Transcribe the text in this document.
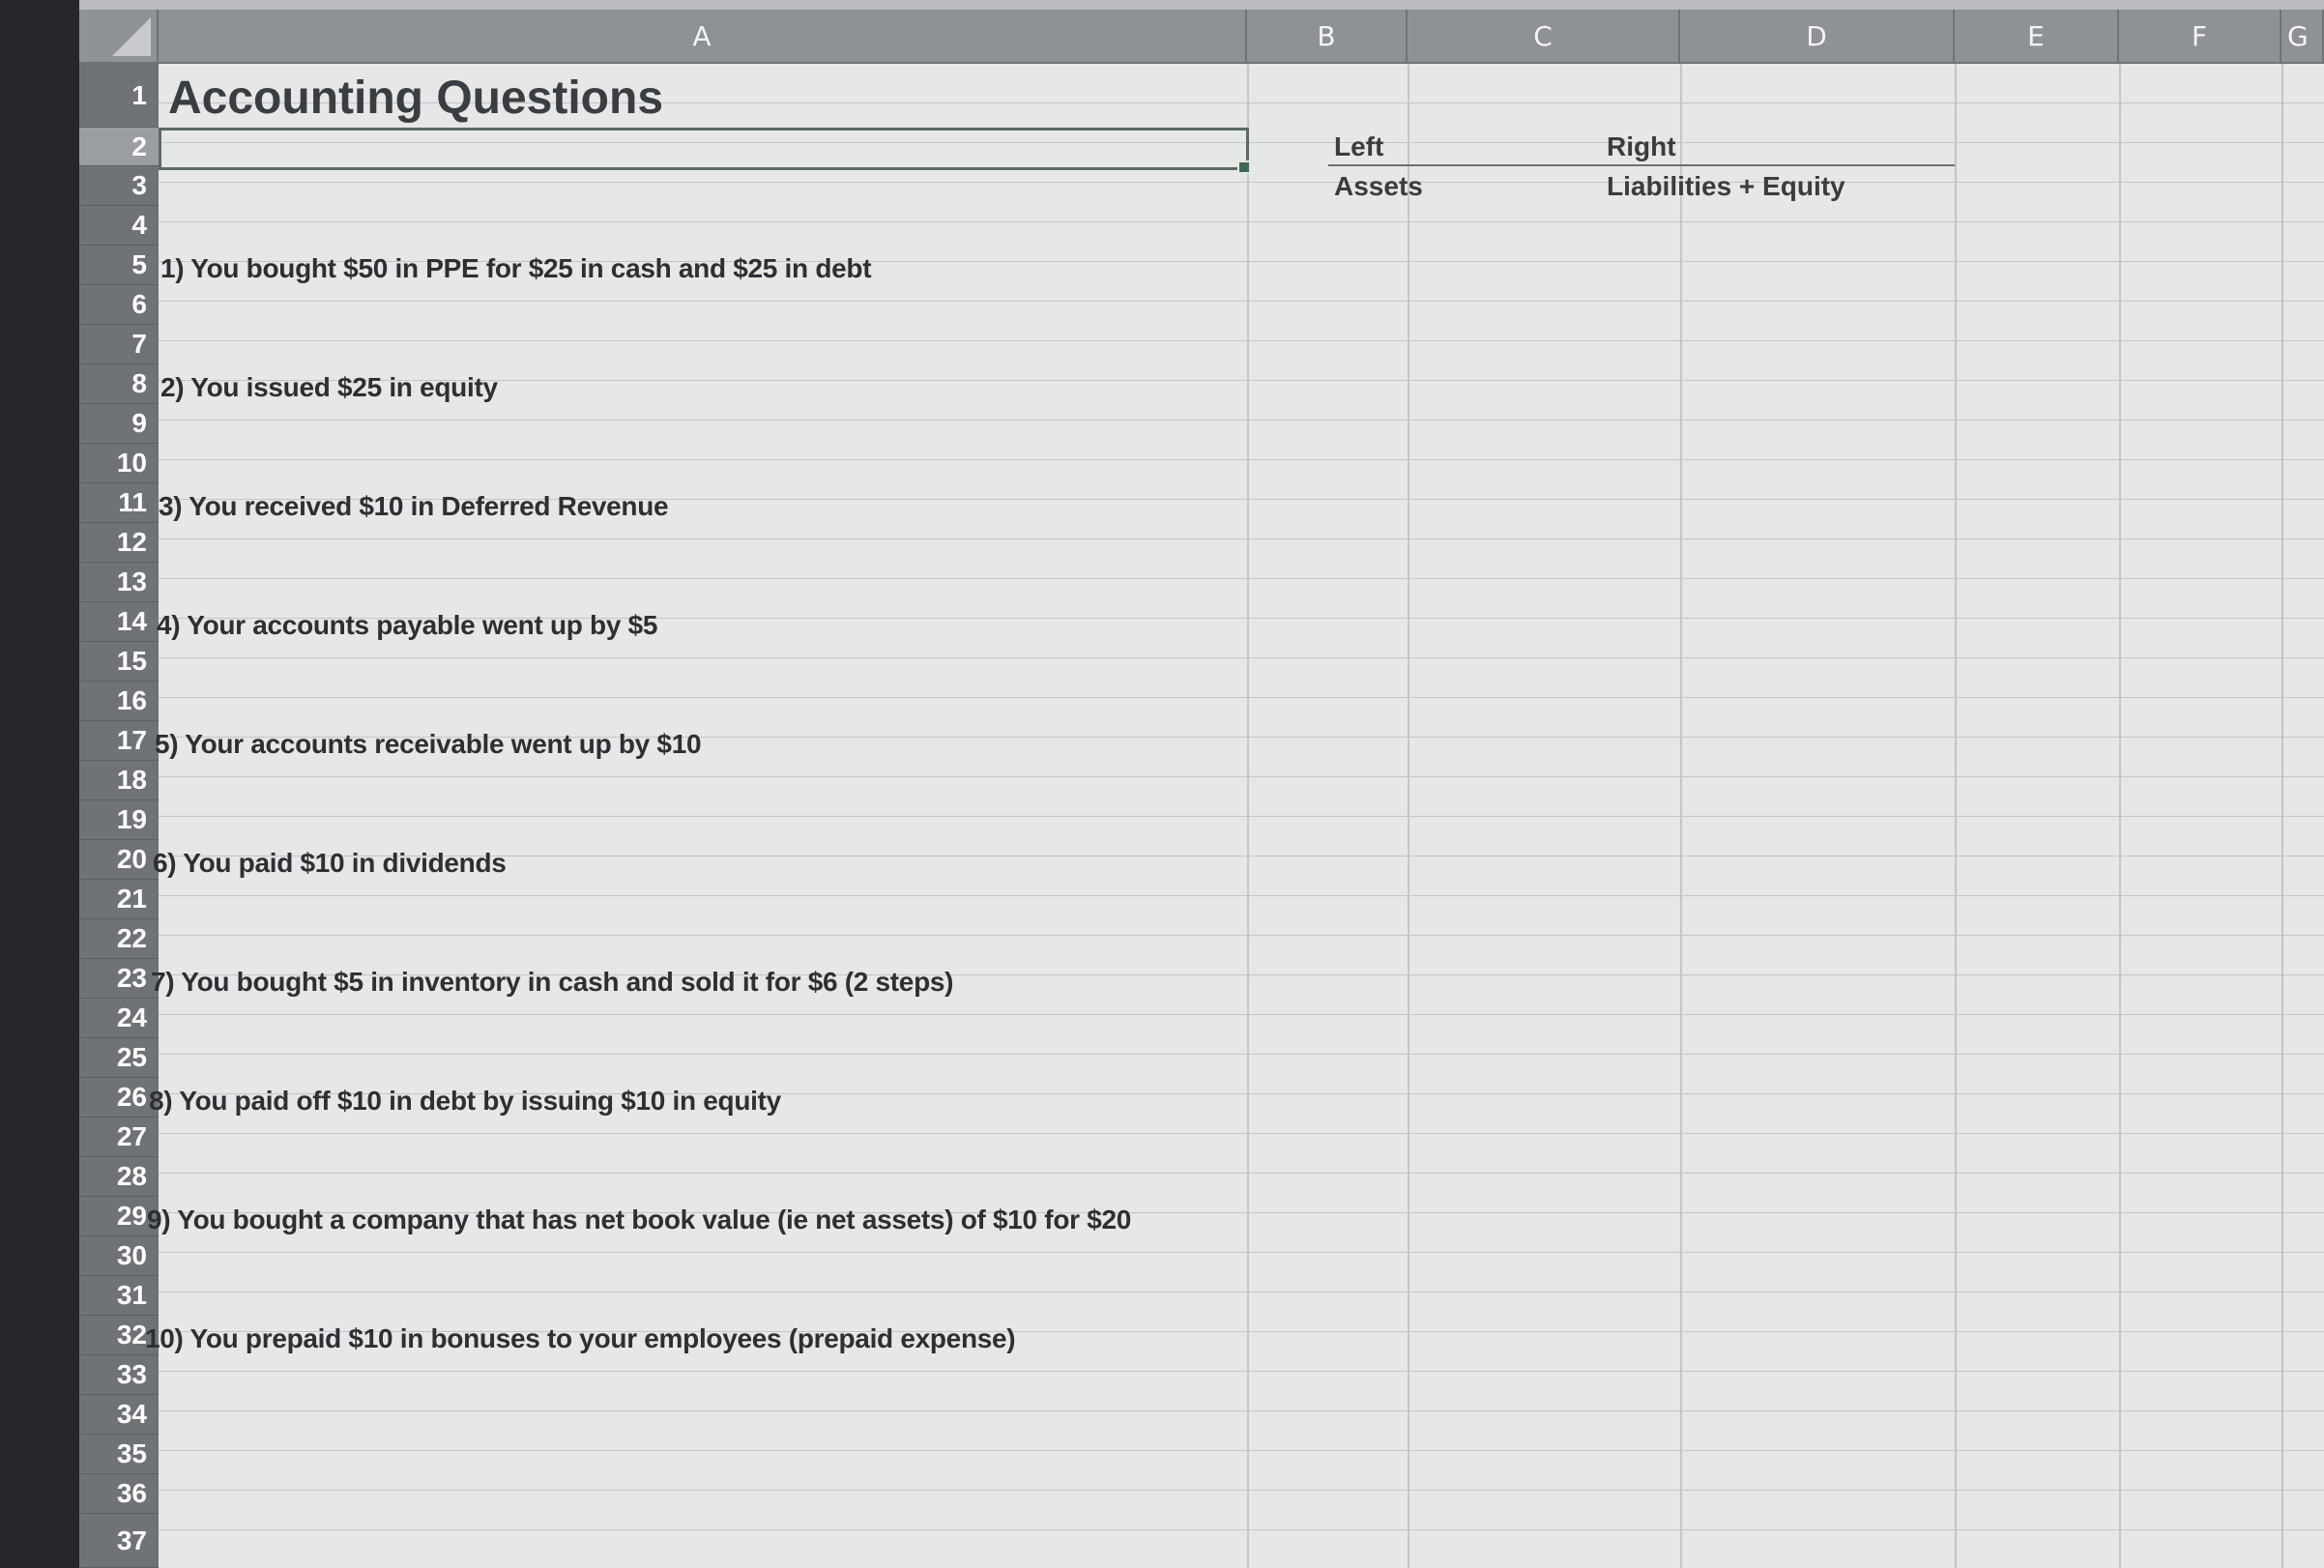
A	B	C	D	E	F	G
1
2
3
4
5
6
7
8
9
10
11
12
13
14
15
16
17
18
19
20
21
22
23
24
25
26
27
28
29
30
31
32
33
34
35
36
37
Accounting Questions
Left	Right
Assets	Liabilities + Equity
1) You bought $50 in PPE for $25 in cash and $25 in debt
2) You issued $25 in equity
3) You received $10 in Deferred Revenue
4) Your accounts payable went up by $5
5) Your accounts receivable went up by $10
6) You paid $10 in dividends
7) You bought $5 in inventory in cash and sold it for $6 (2 steps)
8) You paid off $10 in debt by issuing $10 in equity
9) You bought a company that has net book value (ie net assets) of $10 for $20
10) You prepaid $10 in bonuses to your employees (prepaid expense)
